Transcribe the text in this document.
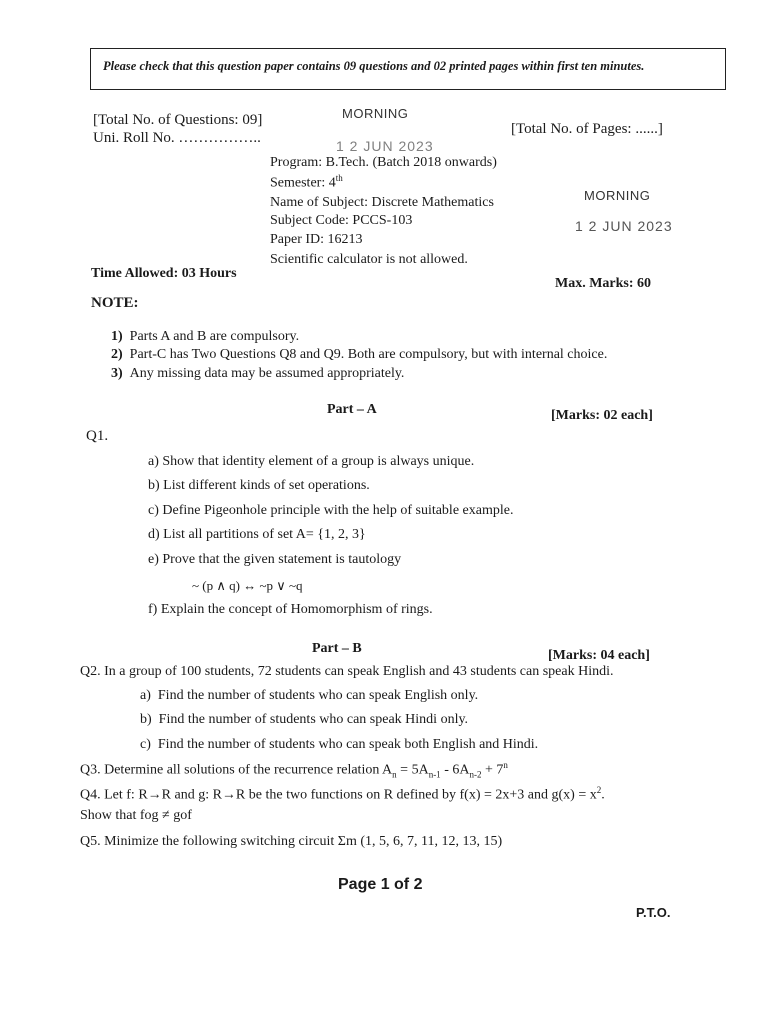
Please check that this question paper contains 09 questions and 02 printed pages within first ten minutes.
[Total No. of Questions: 09]
Uni. Roll No. ……………..
MORNING
1 2 JUN 2023
[Total No. of Pages: ......]
Program: B.Tech. (Batch 2018 onwards)
Semester: 4th
Name of Subject: Discrete Mathematics
Subject Code: PCCS-103
Paper ID: 16213
Scientific calculator is not allowed.
MORNING
1 2 JUN 2023
Time Allowed: 03 Hours
Max. Marks: 60
NOTE:
1) Parts A and B are compulsory.
2) Part-C has Two Questions Q8 and Q9. Both are compulsory, but with internal choice.
3) Any missing data may be assumed appropriately.
Part – A	[Marks: 02 each]
Q1.
a) Show that identity element of a group is always unique.
b) List different kinds of set operations.
c) Define Pigeonhole principle with the help of suitable example.
d) List all partitions of set A= {1, 2, 3}
e) Prove that the given statement is tautology
~ (p ∧ q) ↔ ~p ∨ ~q
f) Explain the concept of Homomorphism of rings.
Part – B	[Marks: 04 each]
Q2. In a group of 100 students, 72 students can speak English and 43 students can speak Hindi.
a) Find the number of students who can speak English only.
b) Find the number of students who can speak Hindi only.
c) Find the number of students who can speak both English and Hindi.
Q3. Determine all solutions of the recurrence relation $A_n = 5A_{n-1} - 6A_{n-2} + 7^n$
Q4. Let f: R→R and g: R→R be the two functions on R defined by f(x) = 2x+3 and $g(x) = x^2$.
Show that fog ≠ gof
Q5. Minimize the following switching circuit Σm (1, 5, 6, 7, 11, 12, 13, 15)
Page 1 of 2
P.T.O.
